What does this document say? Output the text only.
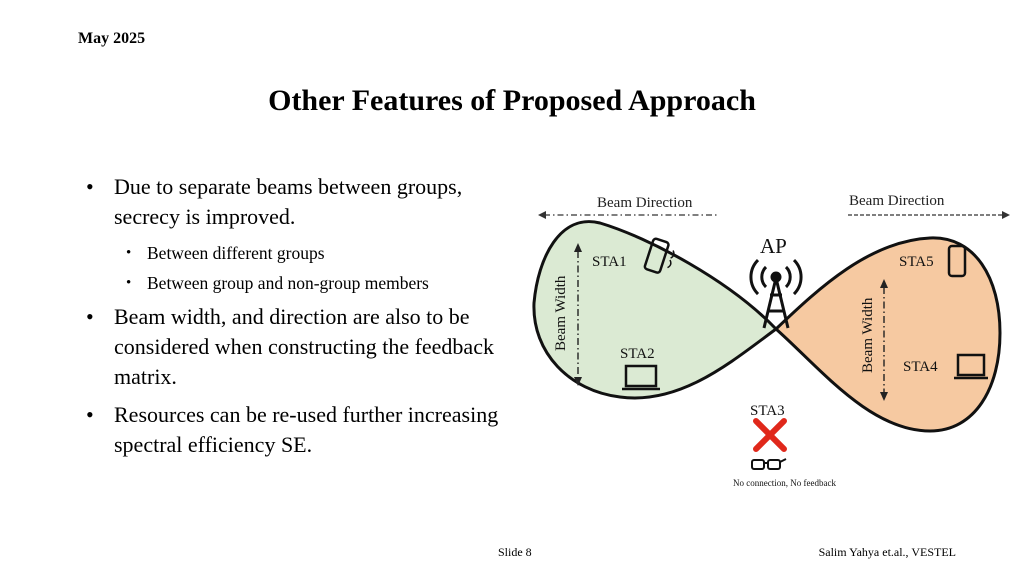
May 2025
Other Features of Proposed Approach
• Due to separate beams between groups, secrecy is improved.
• Between different groups
• Between group and non-group members
• Beam width, and direction are also to be considered when constructing the feedback matrix.
• Resources can be re-used further increasing spectral efficiency SE.
Beam Direction	Beam Direction
AP
Beam Width	Beam Width
STA1
STA2
STA5
STA4
STA3
No connection, No feedback
Slide 8	Salim Yahya et.al., VESTEL
